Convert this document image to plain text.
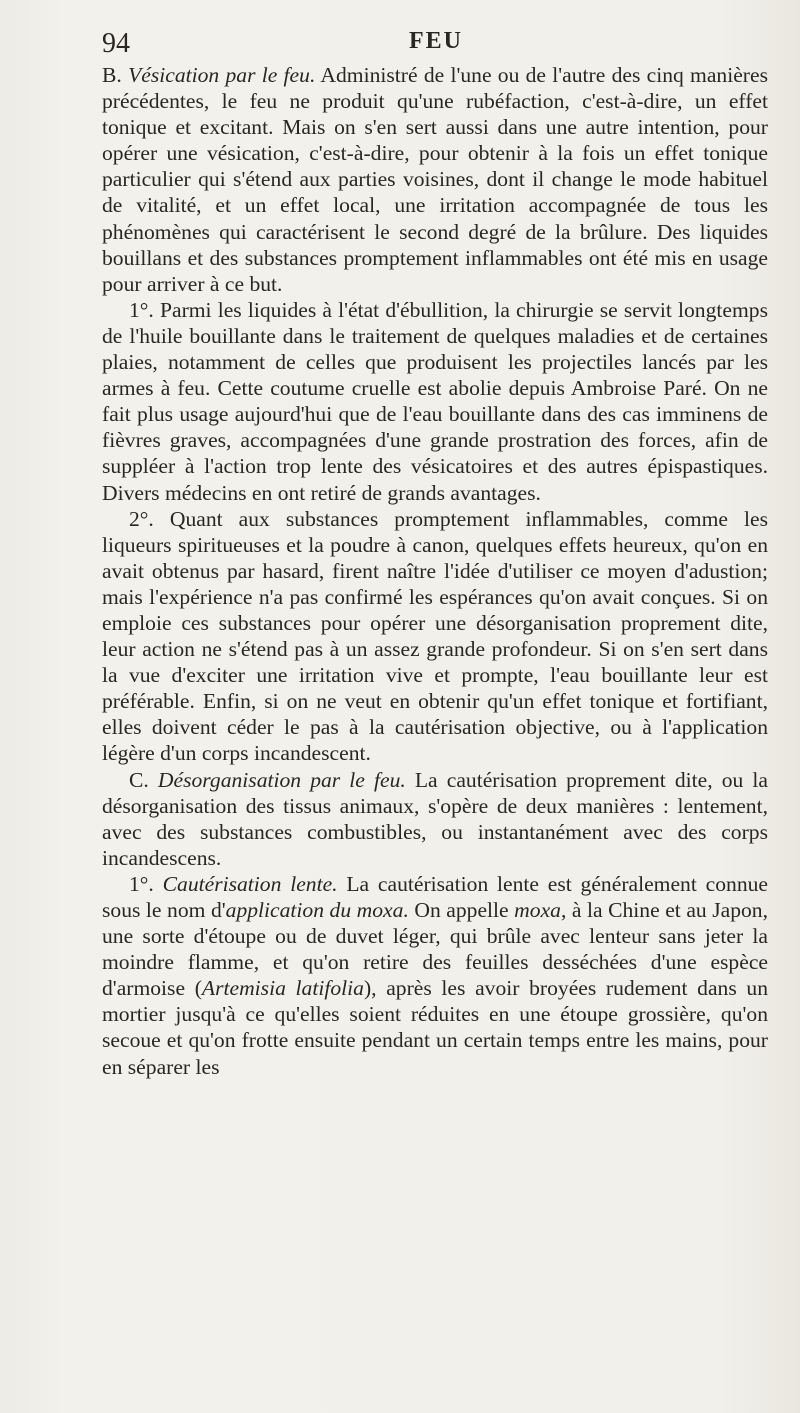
94	FEU

B. Vésication par le feu. Administré de l'une ou de l'autre des cinq manières précédentes, le feu ne produit qu'une rubéfaction, c'est-à-dire, un effet tonique et excitant. Mais on s'en sert aussi dans une autre intention, pour opérer une vésication, c'est-à-dire, pour obtenir à la fois un effet tonique particulier qui s'étend aux parties voisines, dont il change le mode habituel de vitalité, et un effet local, une irritation accompagnée de tous les phénomènes qui caractérisent le second degré de la brûlure. Des liquides bouillans et des substances promptement inflammables ont été mis en usage pour arriver à ce but.

1°. Parmi les liquides à l'état d'ébullition, la chirurgie se servit longtemps de l'huile bouillante dans le traitement de quelques maladies et de certaines plaies, notamment de celles que produisent les projectiles lancés par les armes à feu. Cette coutume cruelle est abolie depuis Ambroise Paré. On ne fait plus usage aujourd'hui que de l'eau bouillante dans des cas imminens de fièvres graves, accompagnées d'une grande prostration des forces, afin de suppléer à l'action trop lente des vésicatoires et des autres épispastiques. Divers médecins en ont retiré de grands avantages.

2°. Quant aux substances promptement inflammables, comme les liqueurs spiritueuses et la poudre à canon, quelques effets heureux, qu'on en avait obtenus par hasard, firent naître l'idée d'utiliser ce moyen d'adustion; mais l'expérience n'a pas confirmé les espérances qu'on avait conçues. Si on emploie ces substances pour opérer une désorganisation proprement dite, leur action ne s'étend pas à un assez grande profondeur. Si on s'en sert dans la vue d'exciter une irritation vive et prompte, l'eau bouillante leur est préférable. Enfin, si on ne veut en obtenir qu'un effet tonique et fortifiant, elles doivent céder le pas à la cautérisation objective, ou à l'application légère d'un corps incandescent.

C. Désorganisation par le feu. La cautérisation proprement dite, ou la désorganisation des tissus animaux, s'opère de deux manières : lentement, avec des substances combustibles, ou instantanément avec des corps incandescens.

1°. Cautérisation lente. La cautérisation lente est généralement connue sous le nom d'application du moxa. On appelle moxa, à la Chine et au Japon, une sorte d'étoupe ou de duvet léger, qui brûle avec lenteur sans jeter la moindre flamme, et qu'on retire des feuilles desséchées d'une espèce d'armoise (Artemisia latifolia), après les avoir broyées rudement dans un mortier jusqu'à ce qu'elles soient réduites en une étoupe grossière, qu'on secoue et qu'on frotte ensuite pendant un certain temps entre les mains, pour en séparer les
